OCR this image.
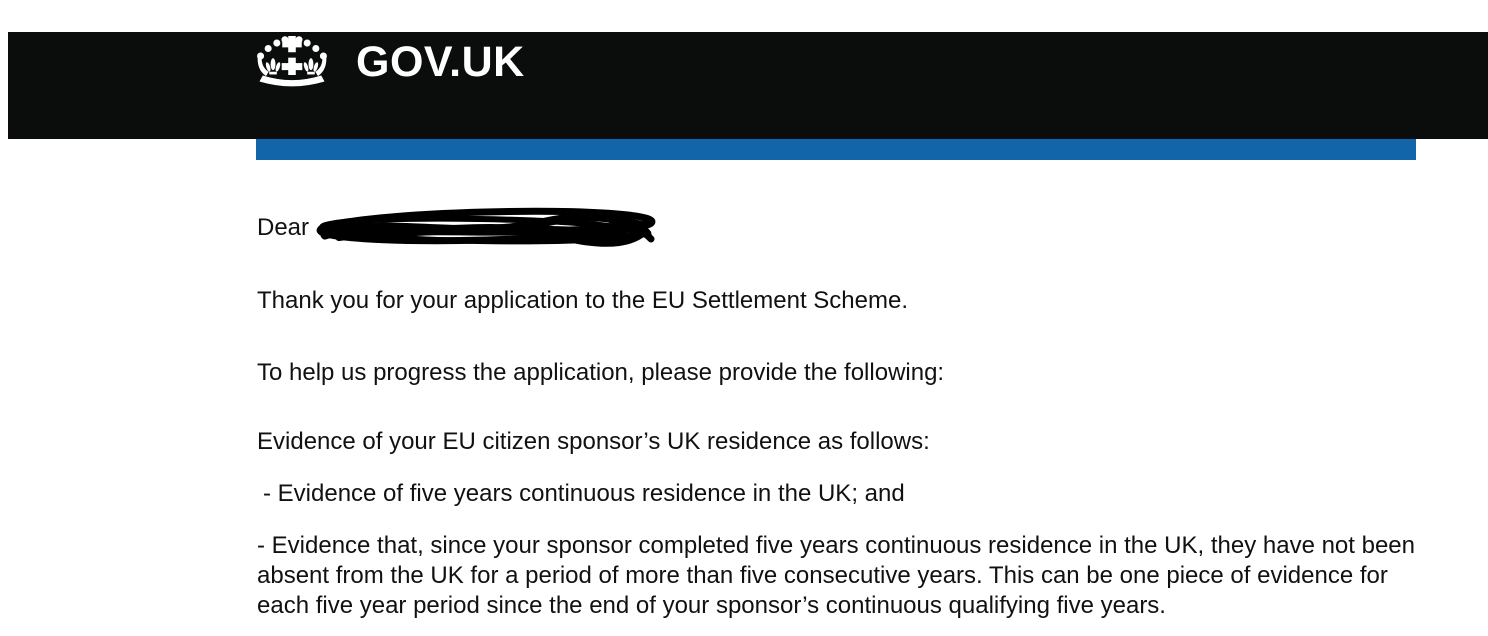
GOV.UK
Dear

Thank you for your application to the EU Settlement Scheme.

To help us progress the application, please provide the following:

Evidence of your EU citizen sponsor’s UK residence as follows:

- Evidence of five years continuous residence in the UK; and

- Evidence that, since your sponsor completed five years continuous residence in the UK, they have not been absent from the UK for a period of more than five consecutive years. This can be one piece of evidence for each five year period since the end of your sponsor’s continuous qualifying five years.
